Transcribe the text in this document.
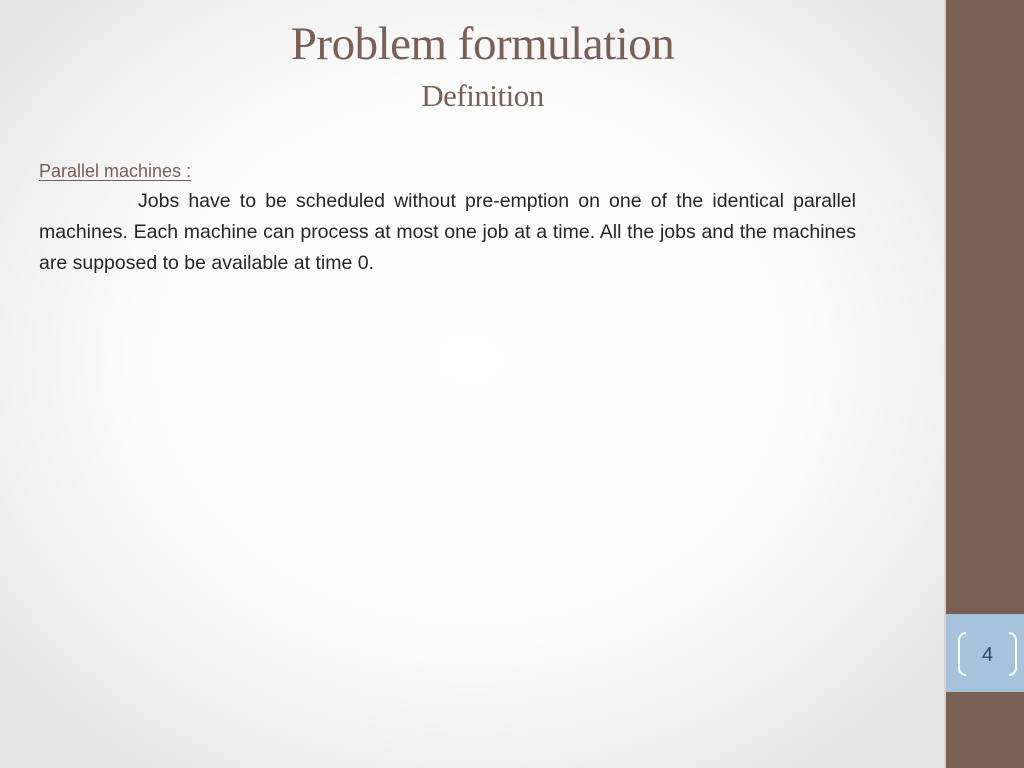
Problem formulation
Definition
Parallel machines :

Jobs have to be scheduled without pre-emption on one of the identical parallel machines. Each machine can process at most one job at a time. All the jobs and the machines are supposed to be available at time 0.

4
